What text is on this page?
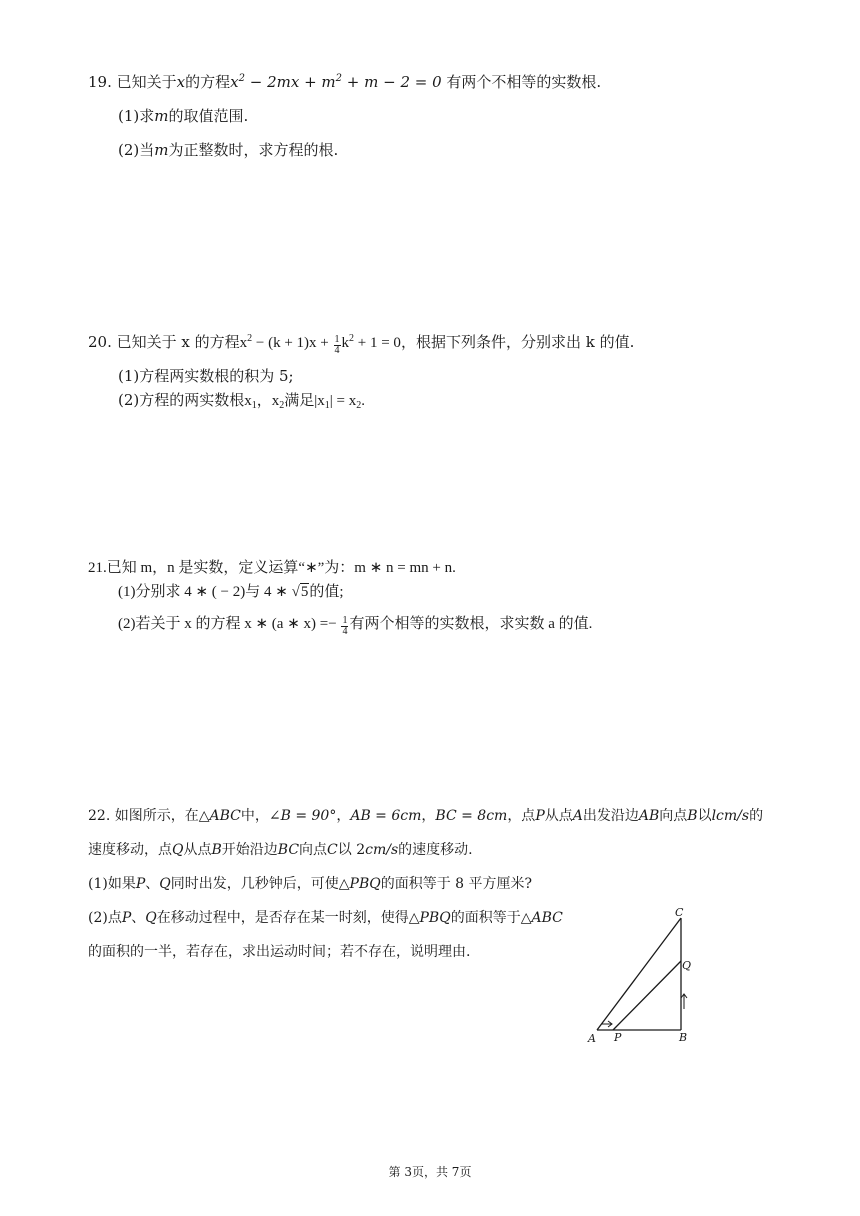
19. 已知关于x的方程$x^2 - 2mx + m^2 + m - 2 = 0$ 有两个不相等的实数根.
(1)求m的取值范围.
(2)当m为正整数时，求方程的根.
20. 已知关于 x 的方程$x^2 - (k + 1)x + \frac{1}{4} k^2 + 1 = 0$，根据下列条件，分别求出 k 的值.
(1)方程两实数根的积为 5;
(2)方程的两实数根$x_1$，$x_2$满足$|x_1| = x_2$.
21.已知 m，n 是实数，定义运算“∗”为：m ∗ n = mn + n.
(1)分别求 4 ∗ ( − 2)与 4 ∗ √5的值;
(2)若关于 x 的方程 x ∗ (a ∗ $x) =- \frac{1}{4}$ 有两个相等的实数根，求实数 a 的值.
22. 如图所示，在△ABC中，∠B = 90°，AB = 6cm，BC = 8cm，点P从点A出发沿边AB向点B以lcm/s的
速度移动，点Q从点B开始沿边BC向点C以 2cm/s的速度移动.
(1)如果P、Q同时出发，几秒钟后，可使△PBQ的面积等于 8 平方厘米?
(2)点P、Q在移动过程中，是否存在某一时刻，使得△PBQ的面积等于△ABC
的面积的一半，若存在，求出运动时间；若不存在，说明理由.
C
Q
A P	B
第 3页，共 7页
